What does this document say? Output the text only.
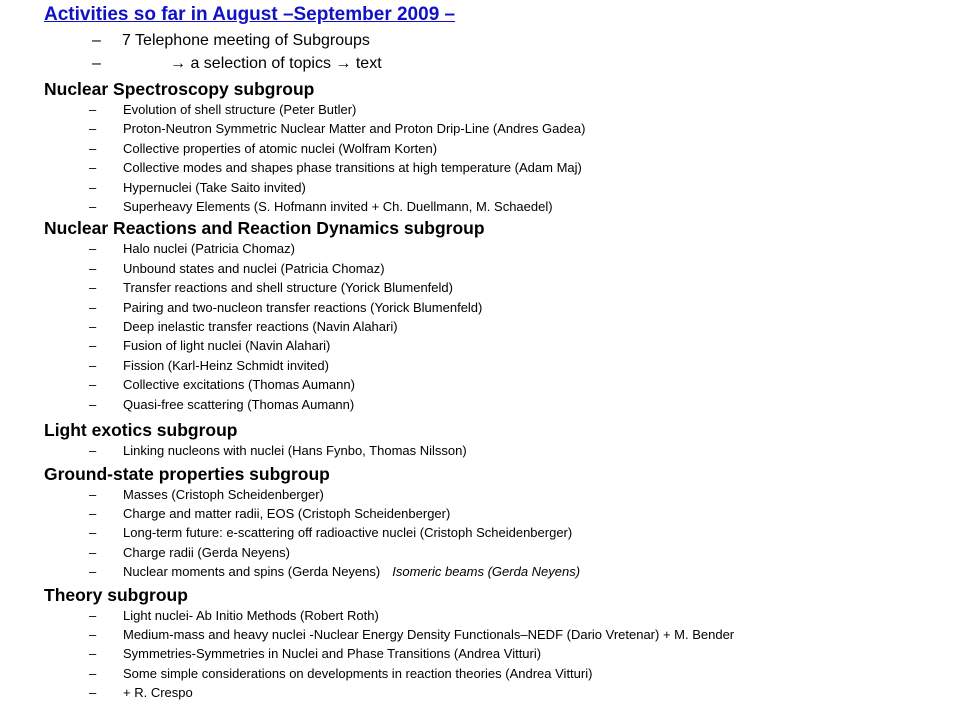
Activities so far in August –September 2009 –
– 7 Telephone meeting of Subgroups
–	→ a selection of topics → text
Nuclear Spectroscopy subgroup
– Evolution of shell structure (Peter Butler)
– Proton-Neutron Symmetric Nuclear Matter and Proton Drip-Line (Andres Gadea)
– Collective properties of atomic nuclei (Wolfram Korten)
– Collective modes and shapes phase transitions at high temperature (Adam Maj)
– Hypernuclei (Take Saito invited)
– Superheavy Elements (S. Hofmann invited + Ch. Duellmann, M. Schaedel)
Nuclear Reactions and Reaction Dynamics subgroup
– Halo nuclei (Patricia Chomaz)
– Unbound states and nuclei (Patricia Chomaz)
– Transfer reactions and shell structure (Yorick Blumenfeld)
– Pairing and two-nucleon transfer reactions (Yorick Blumenfeld)
– Deep inelastic transfer reactions (Navin Alahari)
– Fusion of light nuclei (Navin Alahari)
– Fission (Karl-Heinz Schmidt invited)
– Collective excitations (Thomas Aumann)
– Quasi-free scattering (Thomas Aumann)
Light exotics subgroup
– Linking nucleons with nuclei (Hans Fynbo, Thomas Nilsson)
Ground-state properties subgroup
– Masses (Cristoph Scheidenberger)
– Charge and matter radii, EOS (Cristoph Scheidenberger)
– Long-term future: e-scattering off radioactive nuclei (Cristoph Scheidenberger)
– Charge radii (Gerda Neyens)
– Nuclear moments and spins (Gerda Neyens) Isomeric beams (Gerda Neyens)
Theory subgroup
– Light nuclei- Ab Initio Methods (Robert Roth)
– Medium-mass and heavy nuclei -Nuclear Energy Density Functionals–NEDF (Dario Vretenar) + M. Bender
– Symmetries-Symmetries in Nuclei and Phase Transitions (Andrea Vitturi)
– Some simple considerations on developments in reaction theories (Andrea Vitturi)
– + R. Crespo
